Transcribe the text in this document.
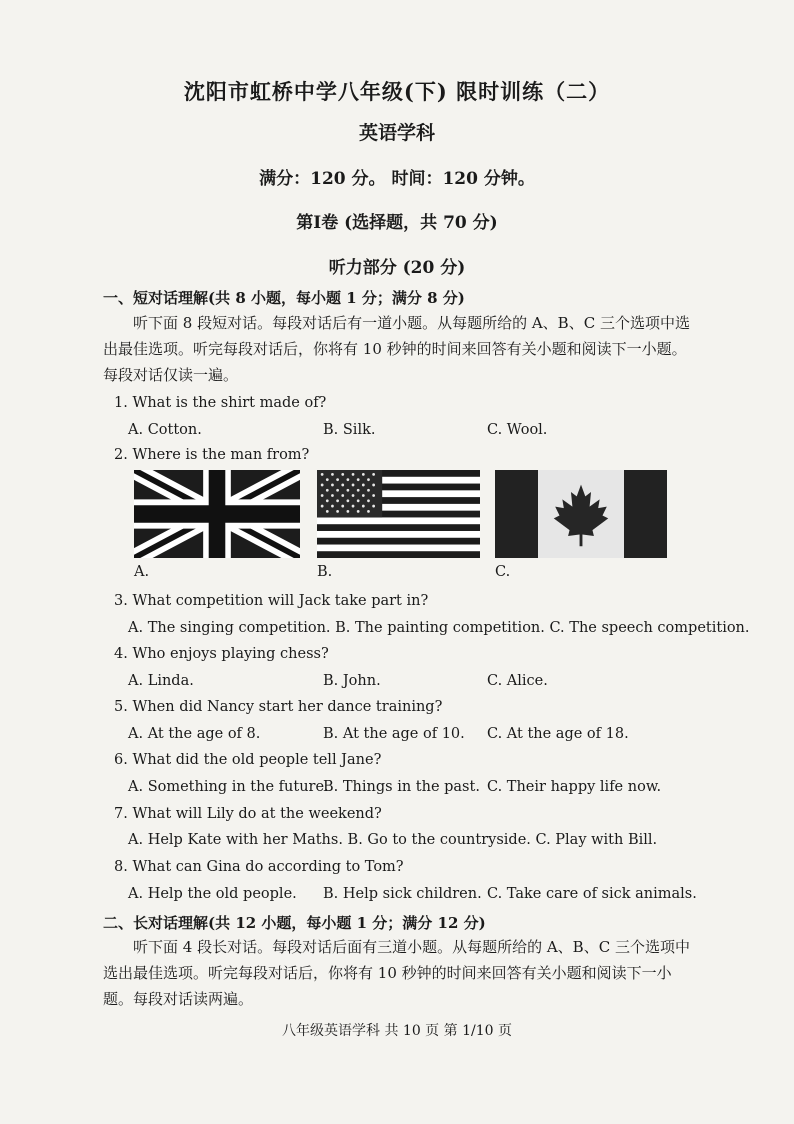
沈阳市虹桥中学八年级(下) 限时训练（二）
英语学科
满分：120 分。 时间：120 分钟。
第Ⅰ卷 (选择题，共 70 分)
听力部分 (20 分)
一、短对话理解(共 8 小题，每小题 1 分；满分 8 分)
听下面 8 段短对话。每段对话后有一道小题。从每题所给的 A、B、C 三个选项中选
出最佳选项。听完每段对话后，你将有 10 秒钟的时间来回答有关小题和阅读下一小题。
每段对话仅读一遍。
1. What is the shirt made of?
A. Cotton.	B. Silk.	C. Wool.
2. Where is the man from?
A.	B.	C.
3. What competition will Jack take part in?
A. The singing competition. B. The painting competition. C. The speech competition.
4. Who enjoys playing chess?
A. Linda.	B. John.	C. Alice.
5. When did Nancy start her dance training?
A. At the age of 8.	B. At the age of 10. C. At the age of 18.
6. What did the old people tell Jane?
A. Something in the future.
B. Things in the past. C. Their happy life now.
7. What will Lily do at the weekend?
A. Help Kate with her Maths. B. Go to the countryside. C. Play with Bill.
8. What can Gina do according to Tom?
A. Help the old people. B. Help sick children. C. Take care of sick animals.
二、长对话理解(共 12 小题，每小题 1 分；满分 12 分)
听下面 4 段长对话。每段对话后面有三道小题。从每题所给的 A、B、C 三个选项中
选出最佳选项。听完每段对话后，你将有 10 秒钟的时间来回答有关小题和阅读下一小
题。每段对话读两遍。
八年级英语学科 共 10 页 第 1/10 页
